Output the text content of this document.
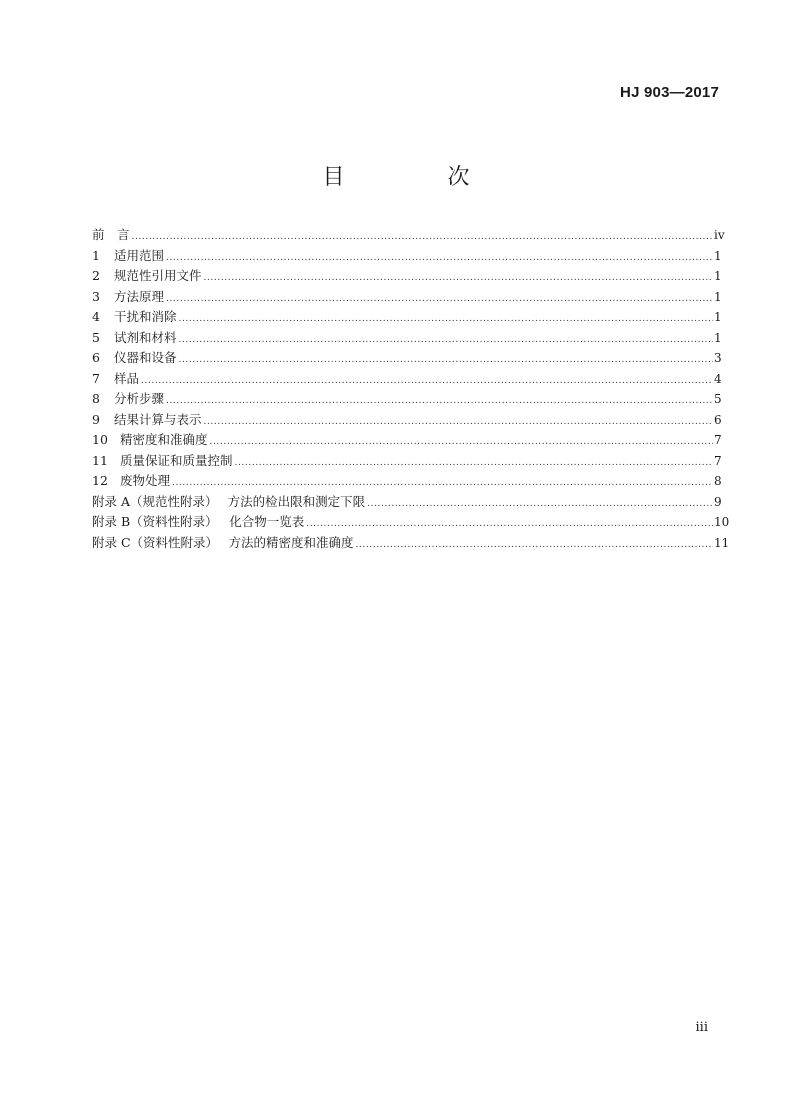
HJ 903—2017
目 次
前　言 .....	iv
1	适用范围 .....	1
2	规范性引用文件 .....	1
3	方法原理 .....	1
4	干扰和消除 .....	1
5	试剂和材料 .....	1
6	仪器和设备 .....	3
7	样品 .....	4
8	分析步骤 .....	5
9	结果计算与表示 .....	6
10 精密度和准确度 .....	7
11 质量保证和质量控制 .....	7
12 废物处理 .....	8
附录 A（规范性附录） 方法的检出限和测定下限 .....	9
附录 B（资料性附录） 化合物一览表 .....	10
附录 C（资料性附录） 方法的精密度和准确度 .....	11
iii
